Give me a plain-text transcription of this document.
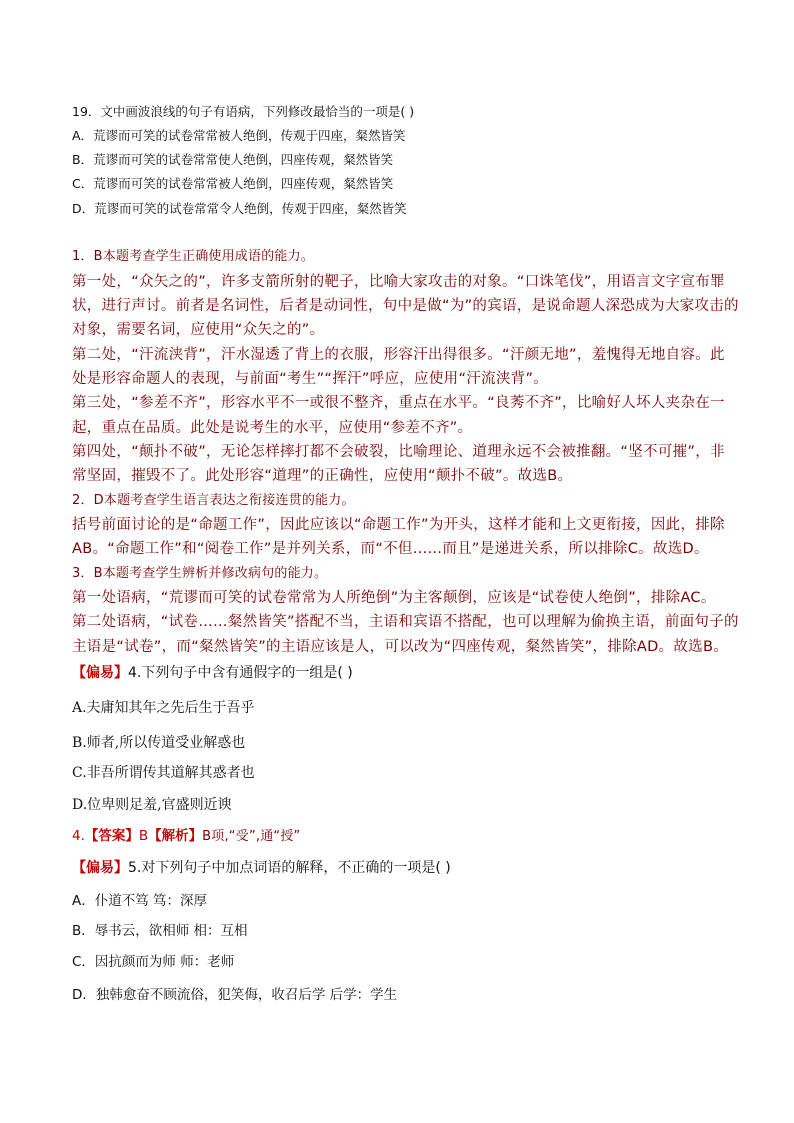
19．文中画波浪线的句子有语病，下列修改最恰当的一项是( )
A．荒谬而可笑的试卷常常被人绝倒，传观于四座，粲然皆笑
B．荒谬而可笑的试卷常常使人绝倒，四座传观，粲然皆笑
C．荒谬而可笑的试卷常常被人绝倒，四座传观，粲然皆笑
D．荒谬而可笑的试卷常常令人绝倒，传观于四座，粲然皆笑
1．B本题考查学生正确使用成语的能力。
第一处，“众矢之的”，许多支箭所射的靶子，比喻大家攻击的对象。“口诛笔伐”，用语言文字宣布罪
状，进行声讨。前者是名词性，后者是动词性，句中是做“为”的宾语，是说命题人深恐成为大家攻击的
对象，需要名词，应使用“众矢之的”。
第二处，“汗流浃背”，汗水湿透了背上的衣服，形容汗出得很多。“汗颜无地”，羞愧得无地自容。此
处是形容命题人的表现，与前面“考生”“挥汗”呼应，应使用“汗流浃背”。
第三处，“参差不齐”，形容水平不一或很不整齐，重点在水平。“良莠不齐”，比喻好人坏人夹杂在一
起，重点在品质。此处是说考生的水平，应使用“参差不齐”。
第四处，“颠扑不破”，无论怎样摔打都不会破裂，比喻理论、道理永远不会被推翻。“坚不可摧”，非
常坚固，摧毁不了。此处形容“道理”的正确性，应使用“颠扑不破”。故选B。
2．D本题考查学生语言表达之衔接连贯的能力。
括号前面讨论的是“命题工作”，因此应该以“命题工作”为开头，这样才能和上文更衔接，因此，排除
AB。“命题工作”和“阅卷工作”是并列关系，而“不但……而且”是递进关系，所以排除C。故选D。
3．B本题考查学生辨析并修改病句的能力。
第一处语病，“荒谬而可笑的试卷常常为人所绝倒”为主客颠倒，应该是“试卷使人绝倒”，排除AC。
第二处语病，“试卷……粲然皆笑”搭配不当，主语和宾语不搭配，也可以理解为偷换主语，前面句子的
主语是“试卷”，而“粲然皆笑”的主语应该是人，可以改为“四座传观，粲然皆笑”，排除AD。故选B。
【偏易】4.下列句子中含有通假字的一组是( )
A.夫庸知其年之先后生于吾乎
B.师者,所以传道受业解惑也
C.非吾所谓传其道解其惑者也
D.位卑则足羞,官盛则近谀
4.【答案】B【解析】B项,“受”,通“授”
【偏易】5.对下列句子中加点词语的解释，不正确的一项是( )
A．仆道不笃 笃：深厚
B．辱书云，欲相师 相：互相
C．因抗颜而为师 师：老师
D．独韩愈奋不顾流俗，犯笑侮，收召后学 后学：学生
